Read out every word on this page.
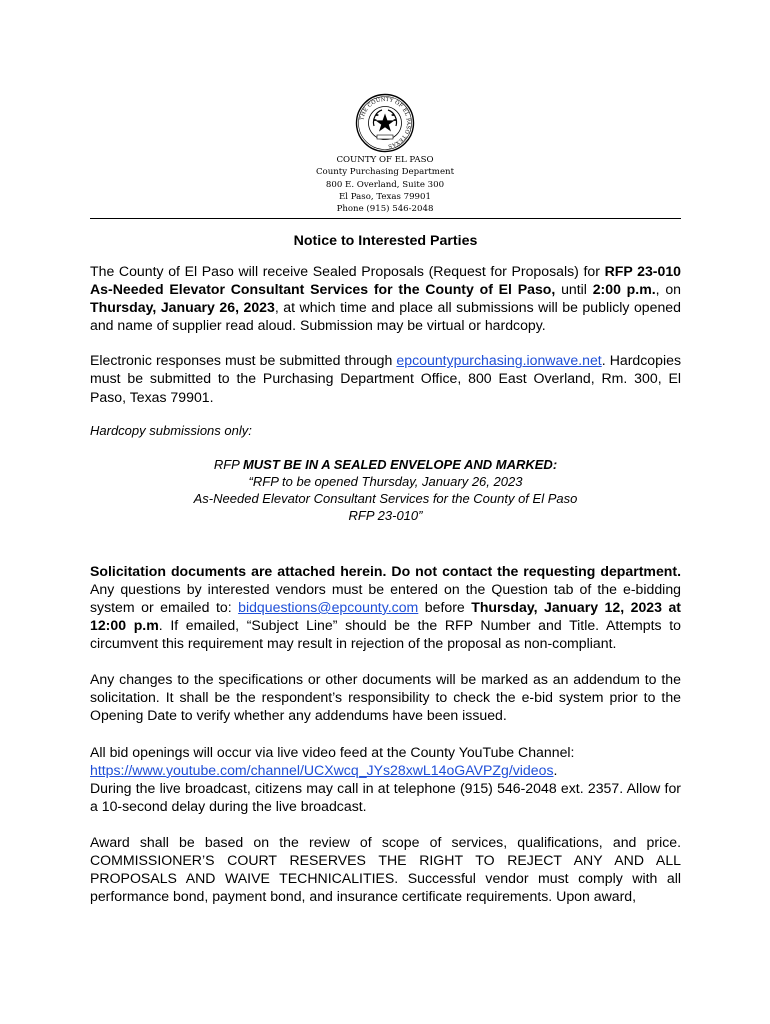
THE COUNTY OF EL PASO TEXAS
COUNTY OF EL PASO
County Purchasing Department
800 E. Overland, Suite 300
El Paso, Texas 79901
Phone (915) 546-2048
Notice to Interested Parties

The County of El Paso will receive Sealed Proposals (Request for Proposals) for RFP 23-010 As-Needed Elevator Consultant Services for the County of El Paso, until 2:00 p.m., on Thursday, January 26, 2023, at which time and place all submissions will be publicly opened and name of supplier read aloud. Submission may be virtual or hardcopy.

Electronic responses must be submitted through epcountypurchasing.ionwave.net. Hardcopies must be submitted to the Purchasing Department Office, 800 East Overland, Rm. 300, El Paso, Texas 79901.

Hardcopy submissions only:

RFP MUST BE IN A SEALED ENVELOPE AND MARKED:
“RFP to be opened Thursday, January 26, 2023
As-Needed Elevator Consultant Services for the County of El Paso
RFP 23-010”

Solicitation documents are attached herein. Do not contact the requesting department. Any questions by interested vendors must be entered on the Question tab of the e-bidding system or emailed to: bidquestions@epcounty.com before Thursday, January 12, 2023 at 12:00 p.m. If emailed, “Subject Line” should be the RFP Number and Title. Attempts to circumvent this requirement may result in rejection of the proposal as non-compliant.

Any changes to the specifications or other documents will be marked as an addendum to the solicitation. It shall be the respondent’s responsibility to check the e-bid system prior to the Opening Date to verify whether any addendums have been issued.

All bid openings will occur via live video feed at the County YouTube Channel:
https://www.youtube.com/channel/UCXwcq_JYs28xwL14oGAVPZg/videos.

During the live broadcast, citizens may call in at telephone (915) 546-2048 ext. 2357. Allow for a 10-second delay during the live broadcast.

Award shall be based on the review of scope of services, qualifications, and price. COMMISSIONER’S COURT RESERVES THE RIGHT TO REJECT ANY AND ALL PROPOSALS AND WAIVE TECHNICALITIES. Successful vendor must comply with all performance bond, payment bond, and insurance certificate requirements. Upon award,
